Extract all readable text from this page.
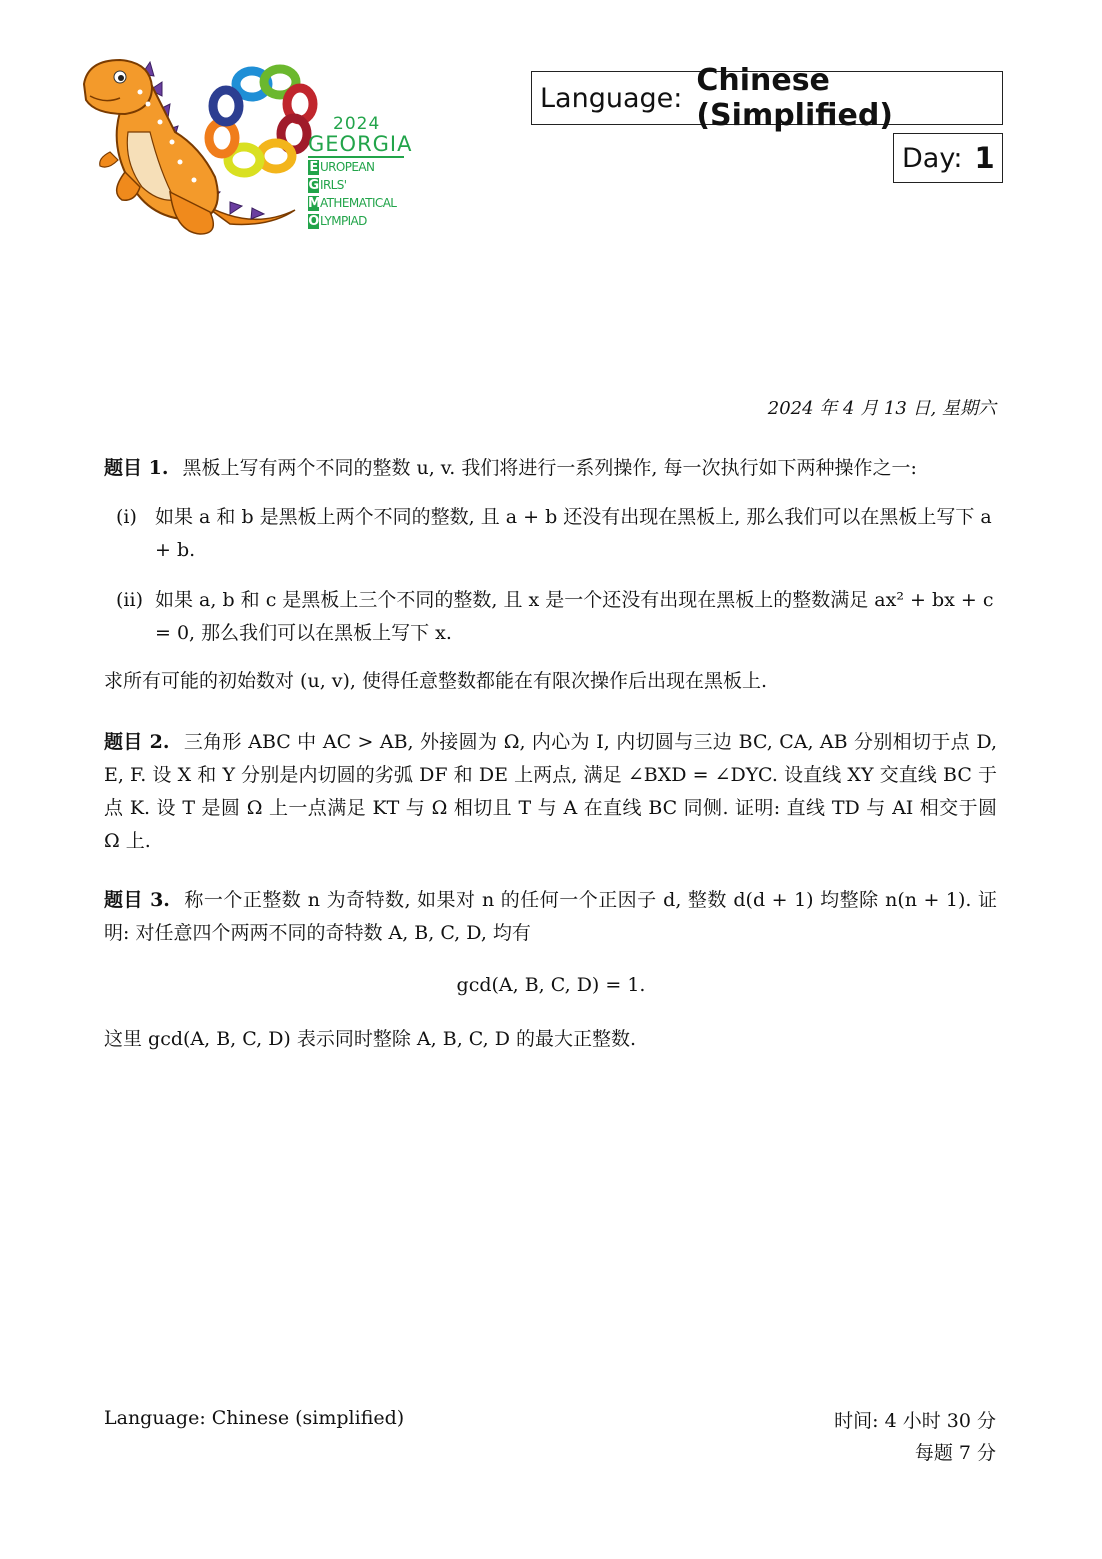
2024
GEORGIA
E UROPEAN
GIRLS'
MATHEMATICAL
OLYMPIAD
Language: Chinese (Simplified)
Day: 1
2024 年 4 月 13 日, 星期六
题目 1. 黑板上写有两个不同的整数 u, v. 我们将进行一系列操作, 每一次执行如下两种操作之一:
(i) 如果 a 和 b 是黑板上两个不同的整数, 且 a + b 还没有出现在黑板上, 那么我们可以在黑板上写下 a + b.
(ii) 如果 a, b 和 c 是黑板上三个不同的整数, 且 x 是一个还没有出现在黑板上的整数满足 ax² + bx + c = 0, 那么我们可以在黑板上写下 x.
求所有可能的初始数对 (u, v), 使得任意整数都能在有限次操作后出现在黑板上.
题目 2. 三角形 ABC 中 AC > AB, 外接圆为 Ω, 内心为 I, 内切圆与三边 BC, CA, AB 分别相切于点 D, E, F. 设 X 和 Y 分别是内切圆的劣弧 DF 和 DE 上两点, 满足 ∠BXD = ∠DYC. 设直线 XY 交直线 BC 于点 K. 设 T 是圆 Ω 上一点满足 KT 与 Ω 相切且 T 与 A 在直线 BC 同侧. 证明: 直线 TD 与 AI 相交于圆 Ω 上.
题目 3. 称一个正整数 n 为奇特数, 如果对 n 的任何一个正因子 d, 整数 d(d + 1) 均整除 n(n + 1). 证明: 对任意四个两两不同的奇特数 A, B, C, D, 均有
gcd(A, B, C, D) = 1.
这里 gcd(A, B, C, D) 表示同时整除 A, B, C, D 的最大正整数.
Language: Chinese (simplified)	时间: 4 小时 30 分
每题 7 分
